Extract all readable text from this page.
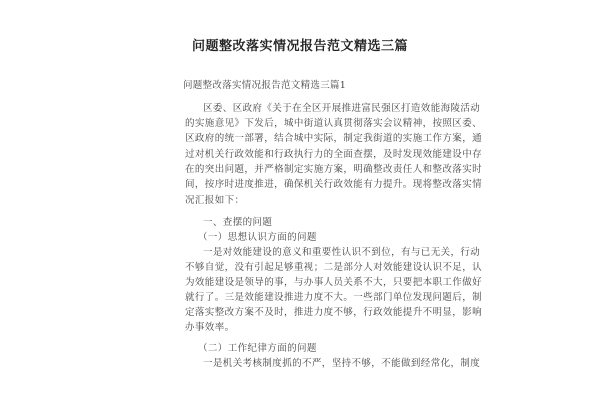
问题整改落实情况报告范文精选三篇
问题整改落实情况报告范文精选三篇1
区委、区政府《关于在全区开展推进富民强区打造效能海陵活动
的实施意见》下发后，城中街道认真贯彻落实会议精神，按照区委、
区政府的统一部署，结合城中实际，制定我街道的实施工作方案，通
过对机关行政效能和行政执行力的全面查摆，及时发现效能建设中存
在的突出问题，并严格制定实施方案，明确整改责任人和整改落实时
间，按序时进度推进，确保机关行政效能有力提升。现将整改落实情
况汇报如下：
一、查摆的问题
（一）思想认识方面的问题
一是对效能建设的意义和重要性认识不到位，有与已无关，行动
不够自觉，没有引起足够重视；二是部分人对效能建设认识不足，认
为效能建设是领导的事，与办事人员关系不大，只要把本职工作做好
就行了。三是效能建设推进力度不大。一些部门单位发现问题后，制
定落实整改方案不及时，推进力度不够，行政效能提升不明显，影响
办事效率。
（二）工作纪律方面的问题
一是机关考核制度抓的不严，坚持不够，不能做到经常化，制度
